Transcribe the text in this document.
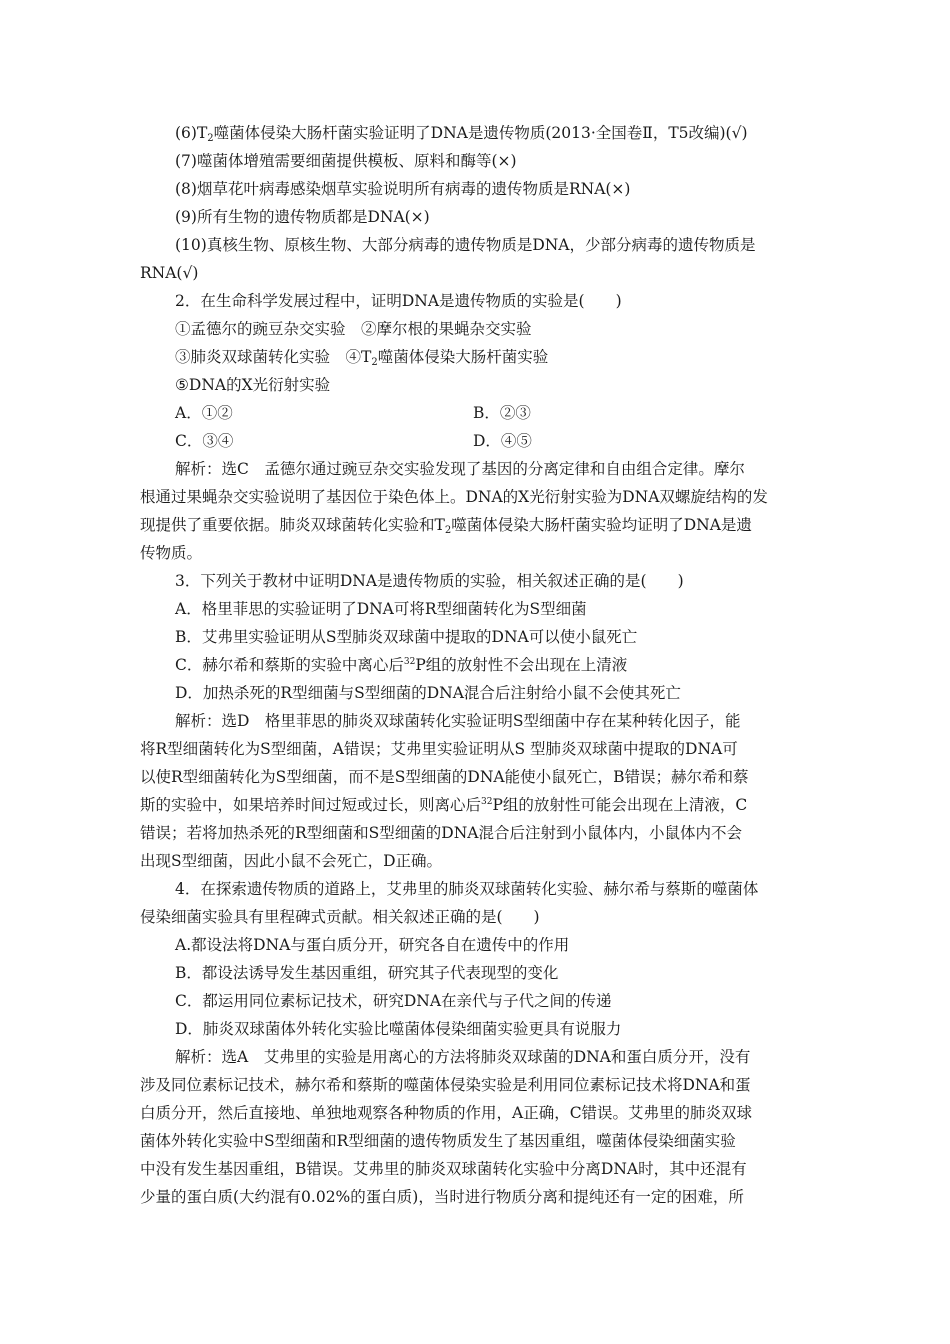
(6)T2噬菌体侵染大肠杆菌实验证明了DNA是遗传物质(2013·全国卷Ⅱ，T5改编)(√)
(7)噬菌体增殖需要细菌提供模板、原料和酶等(×)
(8)烟草花叶病毒感染烟草实验说明所有病毒的遗传物质是RNA(×)
(9)所有生物的遗传物质都是DNA(×)
(10)真核生物、原核生物、大部分病毒的遗传物质是DNA，少部分病毒的遗传物质是
RNA(√)
2．在生命科学发展过程中，证明DNA是遗传物质的实验是(　　)
①孟德尔的豌豆杂交实验　②摩尔根的果蝇杂交实验
③肺炎双球菌转化实验　④T2噬菌体侵染大肠杆菌实验
⑤DNA的X光衍射实验
A．①②	B．②③
C．③④	D．④⑤
解析：选C　孟德尔通过豌豆杂交实验发现了基因的分离定律和自由组合定律。摩尔
根通过果蝇杂交实验说明了基因位于染色体上。DNA的X光衍射实验为DNA双螺旋结构的发
现提供了重要依据。肺炎双球菌转化实验和T2噬菌体侵染大肠杆菌实验均证明了DNA是遗
传物质。
3．下列关于教材中证明DNA是遗传物质的实验，相关叙述正确的是(　　)
A．格里菲思的实验证明了DNA可将R型细菌转化为S型细菌
B．艾弗里实验证明从S型肺炎双球菌中提取的DNA可以使小鼠死亡
C．赫尔希和蔡斯的实验中离心后$^{32}$P组的放射性不会出现在上清液
D．加热杀死的R型细菌与S型细菌的DNA混合后注射给小鼠不会使其死亡
解析：选D　格里菲思的肺炎双球菌转化实验证明S型细菌中存在某种转化因子，能
将R型细菌转化为S型细菌，A错误；艾弗里实验证明从S 型肺炎双球菌中提取的DNA可
以使R型细菌转化为S型细菌，而不是S型细菌的DNA能使小鼠死亡，B错误；赫尔希和蔡
斯的实验中，如果培养时间过短或过长，则离心后$^{32}$P组的放射性可能会出现在上清液，C
错误；若将加热杀死的R型细菌和S型细菌的DNA混合后注射到小鼠体内，小鼠体内不会
出现S型细菌，因此小鼠不会死亡，D正确。
4．在探索遗传物质的道路上，艾弗里的肺炎双球菌转化实验、赫尔希与蔡斯的噬菌体
侵染细菌实验具有里程碑式贡献。相关叙述正确的是(　　)
A.都设法将DNA与蛋白质分开，研究各自在遗传中的作用
B．都设法诱导发生基因重组，研究其子代表现型的变化
C．都运用同位素标记技术，研究DNA在亲代与子代之间的传递
D．肺炎双球菌体外转化实验比噬菌体侵染细菌实验更具有说服力
解析：选A　艾弗里的实验是用离心的方法将肺炎双球菌的DNA和蛋白质分开，没有
涉及同位素标记技术，赫尔希和蔡斯的噬菌体侵染实验是利用同位素标记技术将DNA和蛋
白质分开，然后直接地、单独地观察各种物质的作用，A正确，C错误。艾弗里的肺炎双球
菌体外转化实验中S型细菌和R型细菌的遗传物质发生了基因重组，噬菌体侵染细菌实验
中没有发生基因重组，B错误。艾弗里的肺炎双球菌转化实验中分离DNA时，其中还混有
少量的蛋白质(大约混有0.02%的蛋白质)，当时进行物质分离和提纯还有一定的困难，所
